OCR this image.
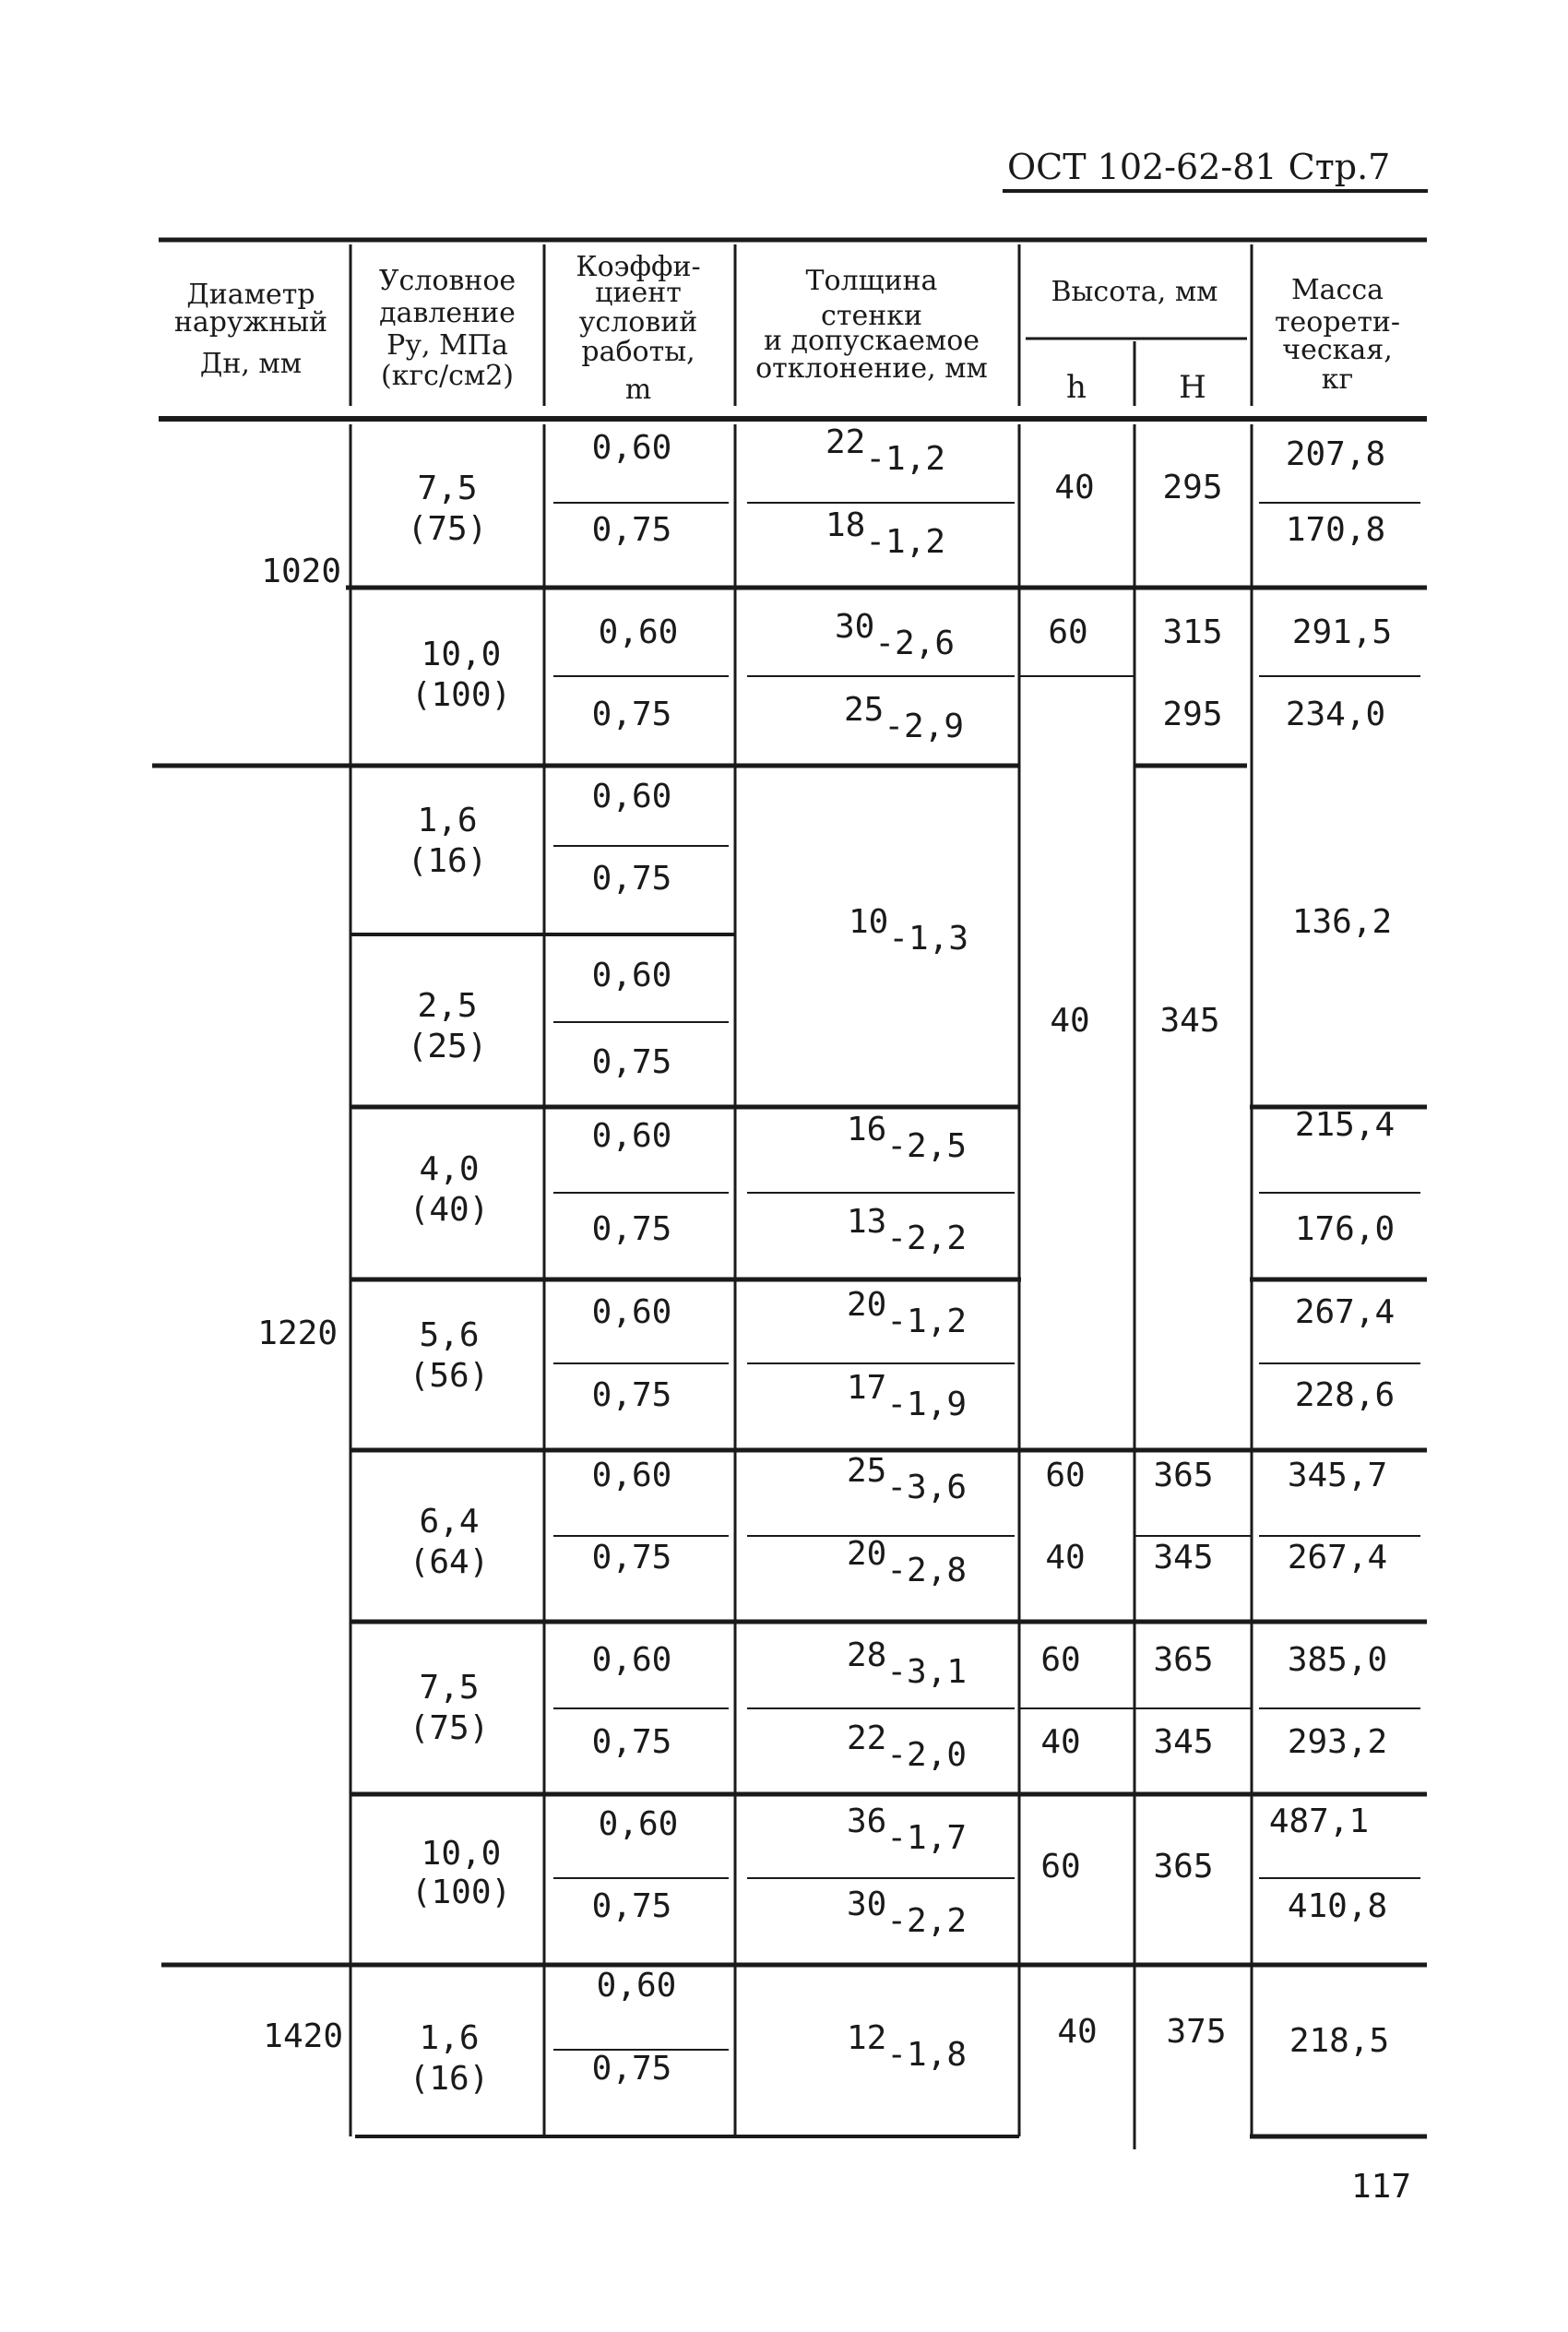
ОСТ 102-62-81 Стр.7
117
Диаметр
наружный
Дн, мм
Условное
давление
Ру, МПа
(кгс/см2)
Коэффи-
циент
условий
работы,
m
Толщина
стенки
и допускаемое
отклонение, мм
Высота, мм
h	H
Масса
теорети-
ческая,
кг
1020
1220
1420
7,5
(75)
10,0
(100)
1,6
(16)
2,5
(25)
4,0
(40)
5,6
(56)
6,4
(64)
7,5
(75)
10,0
(100)
1,6
(16)
0,60
0,75
0,60
0,75
0,60
0,75
0,60
0,75
0,60
0,75
0,60
0,75
0,60
0,75
0,60
0,75
0,60
0,75
0,60
0,75
$22_{-1,2}$
$18_{-1,2}$
$30_{-2,6}$
$25_{-2,9}$
$10_{-1,3}$
$16_{-2,5}$
$13_{-2,2}$
$20_{-1,2}$
$17_{-1,9}$
$25_{-3,6}$
$20_{-2,8}$
$28_{-3,1}$
$22_{-2,0}$
$36_{-1,7}$
$30_{-2,2}$
$12_{-1,8}$
40 295
60 315
295
40 345
60 365
40 345
60 365
40 345
60 365
40 375
207,8
170,8
291,5
234,0
136,2
215,4
176,0
267,4
228,6
345,7
267,4
385,0
293,2
487,1
410,8
218,5
